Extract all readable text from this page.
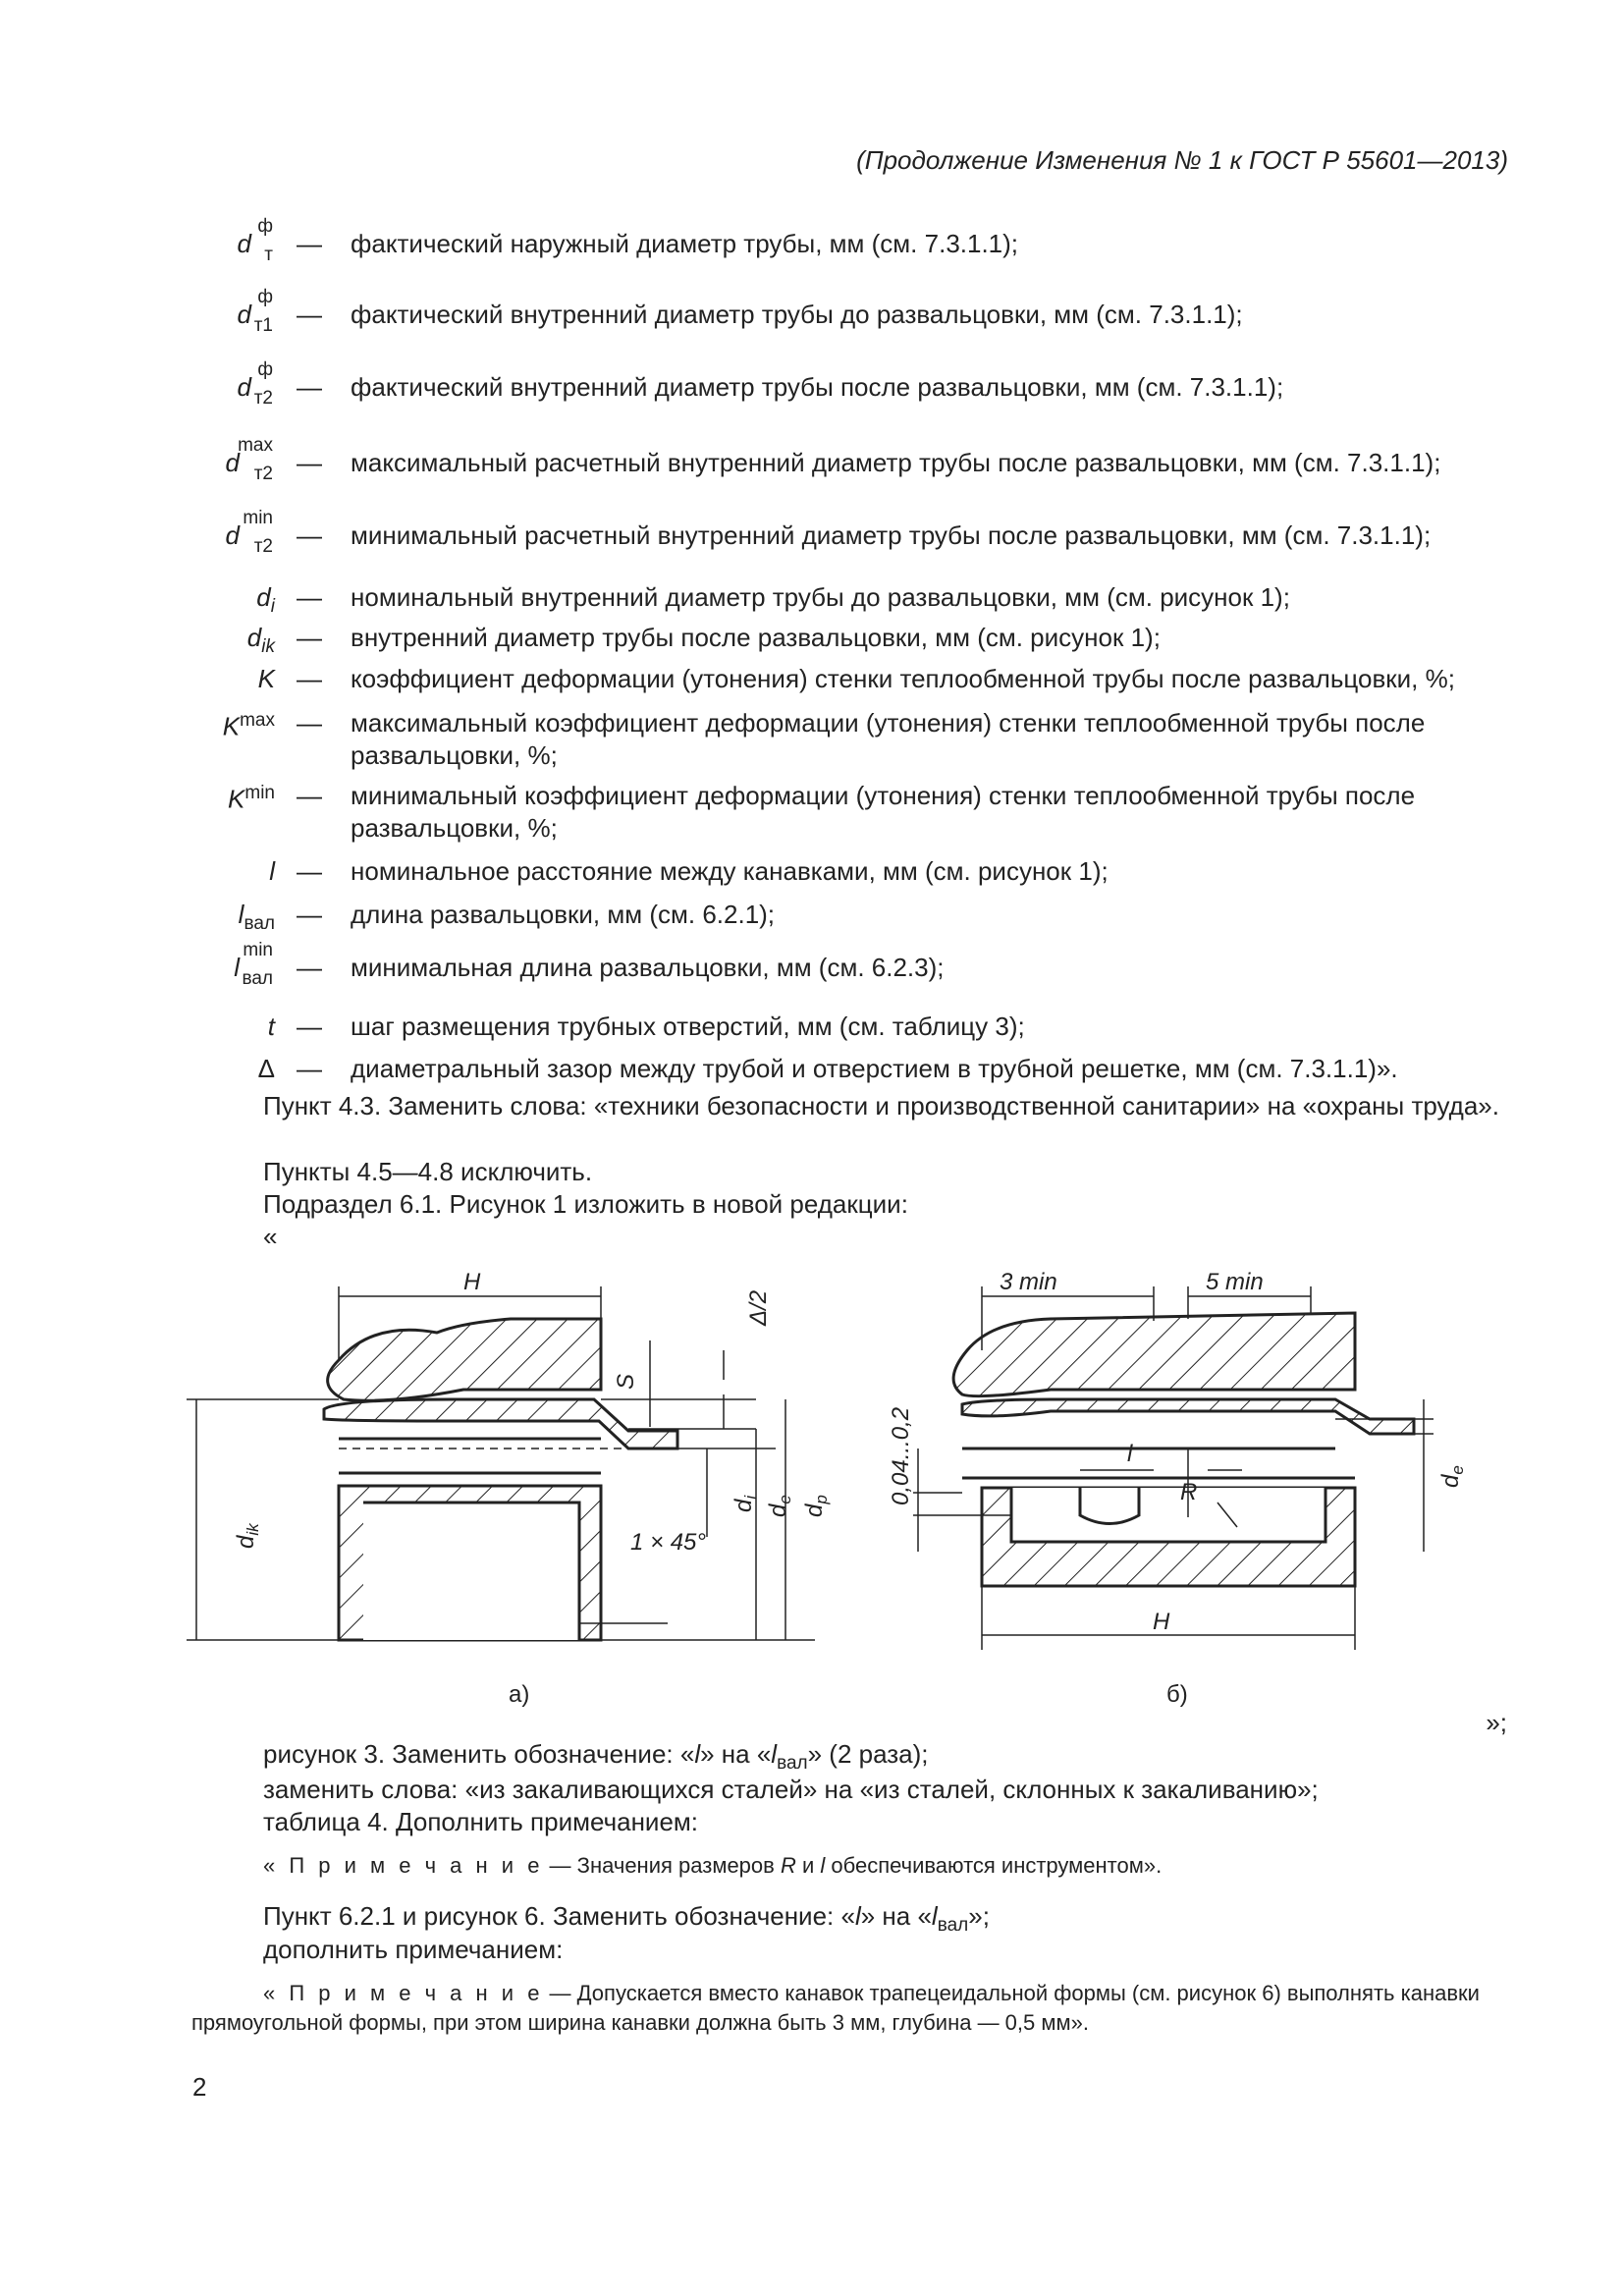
(Продолжение Изменения № 1 к ГОСТ Р 55601—2013)
d
ф
т — фактический наружный диаметр трубы, мм (см. 7.3.1.1);
d
ф
т1 — фактический внутренний диаметр трубы до развальцовки, мм (см. 7.3.1.1);
d
ф
т2 — фактический внутренний диаметр трубы после развальцовки, мм (см. 7.3.1.1);
d
max
т2 — максимальный расчетный внутренний диаметр трубы после развальцовки, мм (см. 7.3.1.1);
d
min
т2 — минимальный расчетный внутренний диаметр трубы после развальцовки, мм (см. 7.3.1.1);
$d_i$ — номинальный внутренний диаметр трубы до развальцовки, мм (см. рисунок 1);
$d_{ik}$ — внутренний диаметр трубы после развальцовки, мм (см. рисунок 1);
K — коэффициент деформации (утонения) стенки теплообменной трубы после развальцовки, %;
$K^{max}$ — максимальный коэффициент деформации (утонения) стенки теплообменной трубы после развальцовки, %;
$K^{min}$ — минимальный коэффициент деформации (утонения) стенки теплообменной трубы после развальцовки, %;
l — номинальное расстояние между канавками, мм (см. рисунок 1);
$l_{вал}$ — длина развальцовки, мм (см. 6.2.1);
l
min
вал — минимальная длина развальцовки, мм (см. 6.2.3);
t — шаг размещения трубных отверстий, мм (см. таблицу 3);
Δ — диаметральный зазор между трубой и отверстием в трубной решетке, мм (см. 7.3.1.1)».
Пункт 4.3. Заменить слова: «техники безопасности и производственной санитарии» на «охраны труда».
Пункты 4.5—4.8 исключить.
Подраздел 6.1. Рисунок 1 изложить в новой редакции:
«
H
S
Δ/2
$d_i$
$d_e$
$d_p$
$d_{ik}$	1 × 45°
а)
3 min	5 min
l
R
0,04...0,2
H
$d_e$
б)
»;
рисунок 3. Заменить обозначение: «l» на «$l_{вал}$» (2 раза);
заменить слова: «из закаливающихся сталей» на «из сталей, склонных к закаливанию»;
таблица 4. Дополнить примечанием:
« П р и м е ч а н и е — Значения размеров R и l обеспечиваются инструментом».
Пункт 6.2.1 и рисунок 6. Заменить обозначение: «l» на «$l_{вал}$»;
дополнить примечанием:
« П р и м е ч а н и е — Допускается вместо канавок трапецеидальной формы (см. рисунок 6) выполнять канавки прямоугольной формы, при этом ширина канавки должна быть 3 мм, глубина — 0,5 мм».
2
